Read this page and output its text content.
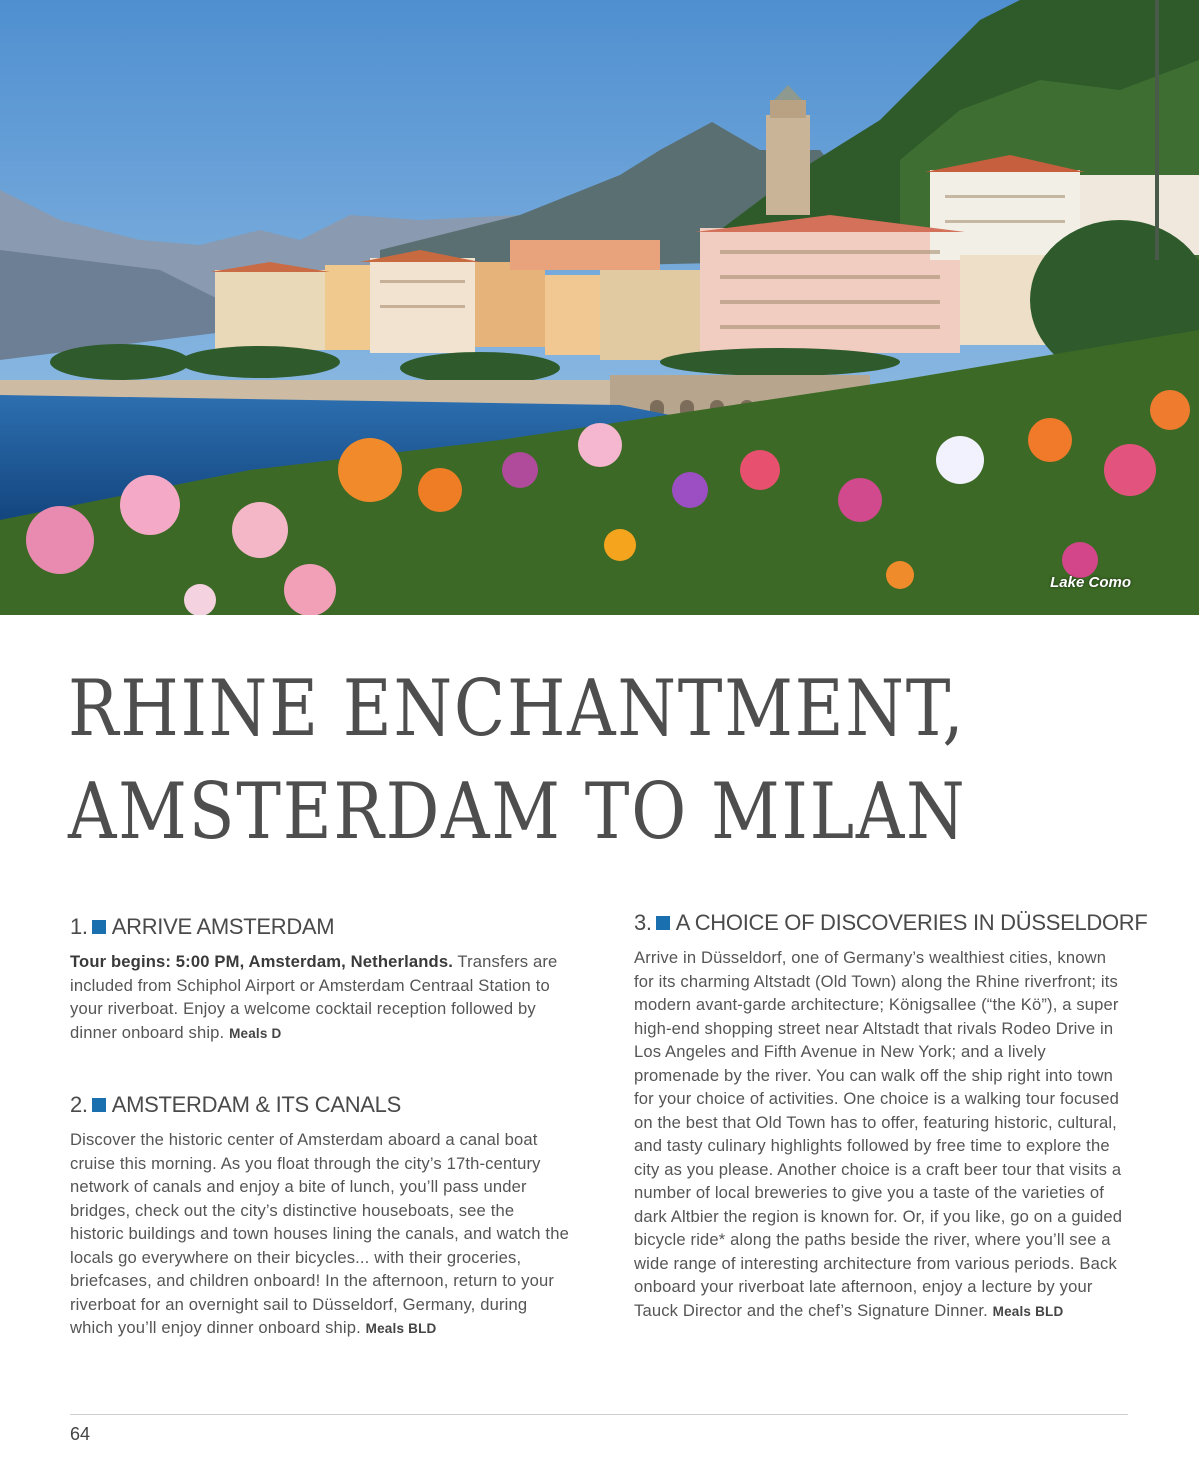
Lake Como
RHINE ENCHANTMENT,
AMSTERDAM TO MILAN
1. ARRIVE AMSTERDAM
Tour begins: 5:00 PM, Amsterdam, Netherlands. Transfers are included from Schiphol Airport or Amsterdam Centraal Station to your riverboat. Enjoy a welcome cocktail reception followed by dinner onboard ship. Meals D
2. AMSTERDAM & ITS CANALS
Discover the historic center of Amsterdam aboard a canal boat cruise this morning. As you float through the city’s 17th-century network of canals and enjoy a bite of lunch, you’ll pass under bridges, check out the city’s distinctive houseboats, see the historic buildings and town houses lining the canals, and watch the locals go everywhere on their bicycles... with their groceries, briefcases, and children onboard! In the afternoon, return to your riverboat for an overnight sail to Düsseldorf, Germany, during which you’ll enjoy dinner onboard ship. Meals BLD
3. A CHOICE OF DISCOVERIES IN DÜSSELDORF
Arrive in Düsseldorf, one of Germany’s wealthiest cities, known for its charming Altstadt (Old Town) along the Rhine riverfront; its modern avant-garde architecture; Königsallee (“the Kö”), a super high-end shopping street near Altstadt that rivals Rodeo Drive in Los Angeles and Fifth Avenue in New York; and a lively promenade by the river. You can walk off the ship right into town for your choice of activities. One choice is a walking tour focused on the best that Old Town has to offer, featuring historic, cultural, and tasty culinary highlights followed by free time to explore the city as you please. Another choice is a craft beer tour that visits a number of local breweries to give you a taste of the varieties of dark Altbier the region is known for. Or, if you like, go on a guided bicycle ride* along the paths beside the river, where you’ll see a wide range of interesting architecture from various periods. Back onboard your riverboat late afternoon, enjoy a lecture by your Tauck Director and the chef’s Signature Dinner. Meals BLD
64
